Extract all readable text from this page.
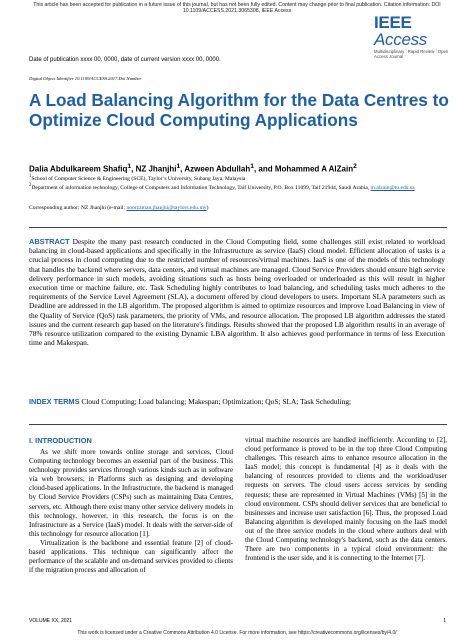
This article has been accepted for publication in a future issue of this journal, but has not been fully edited. Content may change prior to final publication. Citation information: DOI
10.1109/ACCESS.2021.3065308, IEEE Access
IEEE Access
Multidisciplinary ⫶ Rapid Review ⫶ Open Access Journal
Date of publication xxxx 00, 0000, date of current version xxxx 00, 0000.
Digital Object Identifier 10.1109/ACCESS.2017.Doi Number
A Load Balancing Algorithm for the Data Centres to Optimize Cloud Computing Applications
Dalia Abdulkareem Shafiq$^1$, NZ Jhanjhi$^1$, Azween Abdullah$^1$, and Mohammed A AlZain$^2$
$^1$School of Computer Science & Engineering (SCE), Taylor’s University, Subang Jaya, Malaysia
$^2$Department of information technology, College of Computers and Information Technology, Taif University, P.O. Box 11099, Taif 21944, Saudi Arabia, m.alzain@tu.edu.sa
Corresponding author: NZ Jhanjhi (e-mail: noorzaman.jhanjhi@taylors.edu.my)

ABSTRACT Despite the many past research conducted in the Cloud Computing field, some challenges still exist related to workload balancing in cloud-based applications and specifically in the Infrastructure as service (IaaS) cloud model. Efficient allocation of tasks is a crucial process in cloud computing due to the restricted number of resources/virtual machines. IaaS is one of the models of this technology that handles the backend where servers, data centers, and virtual machines are managed. Cloud Service Providers should ensure high service delivery performance in such models, avoiding situations such as hosts being overloaded or underloaded as this will result in higher execution time or machine failure, etc. Task Scheduling highly contributes to load balancing, and scheduling tasks much adheres to the requirements of the Service Level Agreement (SLA), a document offered by cloud developers to users. Important SLA parameters such as Deadline are addressed in the LB algorithm. The proposed algorithm is aimed to optimize resources and improve Load Balancing in view of the Quality of Service (QoS) task parameters, the priority of VMs, and resource allocation. The proposed LB algorithm addresses the stated issues and the current research gap based on the literature's findings. Results showed that the proposed LB algorithm results in an average of 78% resource utilization compared to the existing Dynamic LBA algorithm. It also achieves good performance in terms of less Execution time and Makespan.

INDEX TERMS Cloud Computing; Load balancing; Makespan; Optimization; QoS; SLA; Task Scheduling;

I. INTRODUCTION

As we shift more towards online storage and services, Cloud Computing technology becomes an essential part of the business. This technology provides services through various kinds such as in software via web browsers, in Platforms such as designing and developing cloud-based applications. In the Infrastructure, the backend is managed by Cloud Service Providers (CSPs) such as maintaining Data Centres, servers, etc. Although there exist many other service delivery models in this technology, however, in this research, the focus is on the Infrastructure as a Service (IaaS) model. It deals with the server-side of this technology for resource allocation [1].

Virtualization is the backbone and essential feature [2] of cloud-based applications. This technique can significantly affect the performance of the scalable and on-demand services provided to clients if the migration process and allocation of

virtual machine resources are handled inefficiently. According to [2], cloud performance is proved to be in the top three Cloud Computing challenges. This research aims to enhance resource allocation in the IaaS model; this concept is fundamental [4] as it deals with the balancing of resources provided to clients and the workload/user requests on servers. The cloud users access services by sending requests; these are represented in Virtual Machines (VMs) [5] in the cloud environment. CSPs should deliver services that are beneficial to businesses and increase user satisfaction [6]. Thus, the proposed Load Balancing algorithm is developed mainly focusing on the IaaS model out of the three service models in the cloud where authors deal with the Cloud Computing technology's backend, such as the data centers. There are two components in a typical cloud environment: the frontend is the user side, and it is connecting to the Internet [7].

VOLUME XX, 2021	1
This work is licensed under a Creative Commons Attribution 4.0 License. For more information, see https://creativecommons.org/licenses/by/4.0/
